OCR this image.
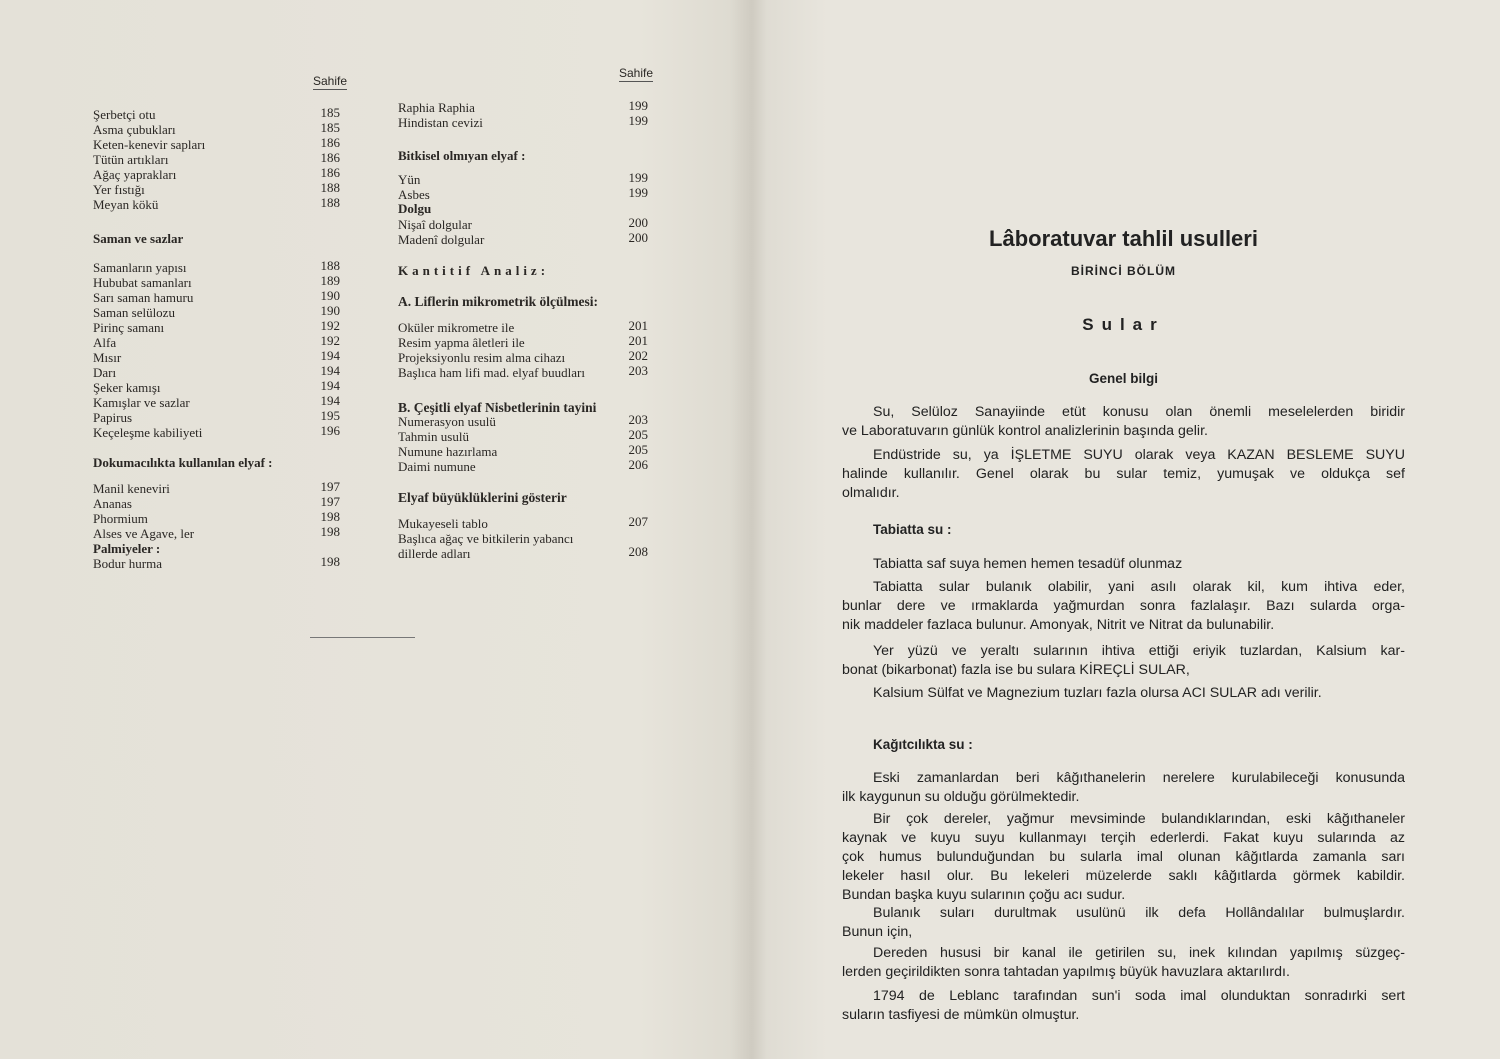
Sahife
Şerbetçi otu	185
Asma çubukları	185
Keten-kenevir sapları	186
Tütün artıkları	186
Ağaç yaprakları	186
Yer fıstığı	188
Meyan kökü	188
Saman ve sazlar
Samanların yapısı	188
Hububat samanları	189
Sarı saman hamuru	190
Saman selülozu	190
Pirinç samanı	192
Alfa	192
Mısır	194
Darı	194
Şeker kamışı	194
Kamışlar ve sazlar	194
Papirus	195
Keçeleşme kabiliyeti	196
Dokumacılıkta kullanılan elyaf :
Manil keneviri	197
Ananas	197
Phormium	198
Alses ve Agave, ler	198
Palmiyeler :
Bodur hurma	198
Sahife
Raphia Raphia	199
Hindistan cevizi	199
Bitkisel olmıyan elyaf :
Yün	199
Asbes	199
Dolgu
Nişaî dolgular	200
Madenî dolgular	200
Kantitif Analiz:
A. Liflerin mikrometrik ölçülmesi:
Oküler mikrometre ile	201
Resim yapma âletleri ile	201
Projeksiyonlu resim alma cihazı	202
Başlıca ham lifi mad. elyaf buudları	203
B. Çeşitli elyaf Nisbetlerinin tayini
Numerasyon usulü	203
Tahmin usulü	205
Numune hazırlama	205
Daimi numune	206
Elyaf büyüklüklerini gösterir
Mukayeseli tablo	207
Başlıca ağaç ve bitkilerin yabancı
dillerde adları	208
Lâboratuvar tahlil usulleri
BİRİNCİ BÖLÜM
Sular
Genel bilgi
Tabiatta su :
Kağıtcılıkta su :
Su, Selüloz Sanayiinde etüt konusu olan önemli meselelerden biridir
ve Laboratuvarın günlük kontrol analizlerinin başında gelir.
Endüstride su, ya İŞLETME SUYU olarak veya KAZAN BESLEME SUYU
halinde kullanılır. Genel olarak bu sular temiz, yumuşak ve oldukça sef
olmalıdır.
Tabiatta saf suya hemen hemen tesadüf olunmaz
Tabiatta sular bulanık olabilir, yani asılı olarak kil, kum ihtiva eder,
bunlar dere ve ırmaklarda yağmurdan sonra fazlalaşır. Bazı sularda orga-
nik maddeler fazlaca bulunur. Amonyak, Nitrit ve Nitrat da bulunabilir.
Yer yüzü ve yeraltı sularının ihtiva ettiği eriyik tuzlardan, Kalsium kar-
bonat (bikarbonat) fazla ise bu sulara KİREÇLİ SULAR,
Kalsium Sülfat ve Magnezium tuzları fazla olursa ACI SULAR adı verilir.
Eski zamanlardan beri kâğıthanelerin nerelere kurulabileceği konusunda
ilk kaygunun su olduğu görülmektedir.
Bir çok dereler, yağmur mevsiminde bulandıklarından, eski kâğıthaneler
kaynak ve kuyu suyu kullanmayı terçih ederlerdi. Fakat kuyu sularında az
çok humus bulunduğundan bu sularla imal olunan kâğıtlarda zamanla sarı
lekeler hasıl olur. Bu lekeleri müzelerde saklı kâğıtlarda görmek kabildir.
Bundan başka kuyu sularının çoğu acı sudur.
Bulanık suları durultmak usulünü ilk defa Hollândalılar bulmuşlardır.
Bunun için,
Dereden hususi bir kanal ile getirilen su, inek kılından yapılmış süzgeç-
lerden geçirildikten sonra tahtadan yapılmış büyük havuzlara aktarılırdı.
1794 de Leblanc tarafından sun'i soda imal olunduktan sonradırki sert
suların tasfiyesi de mümkün olmuştur.
